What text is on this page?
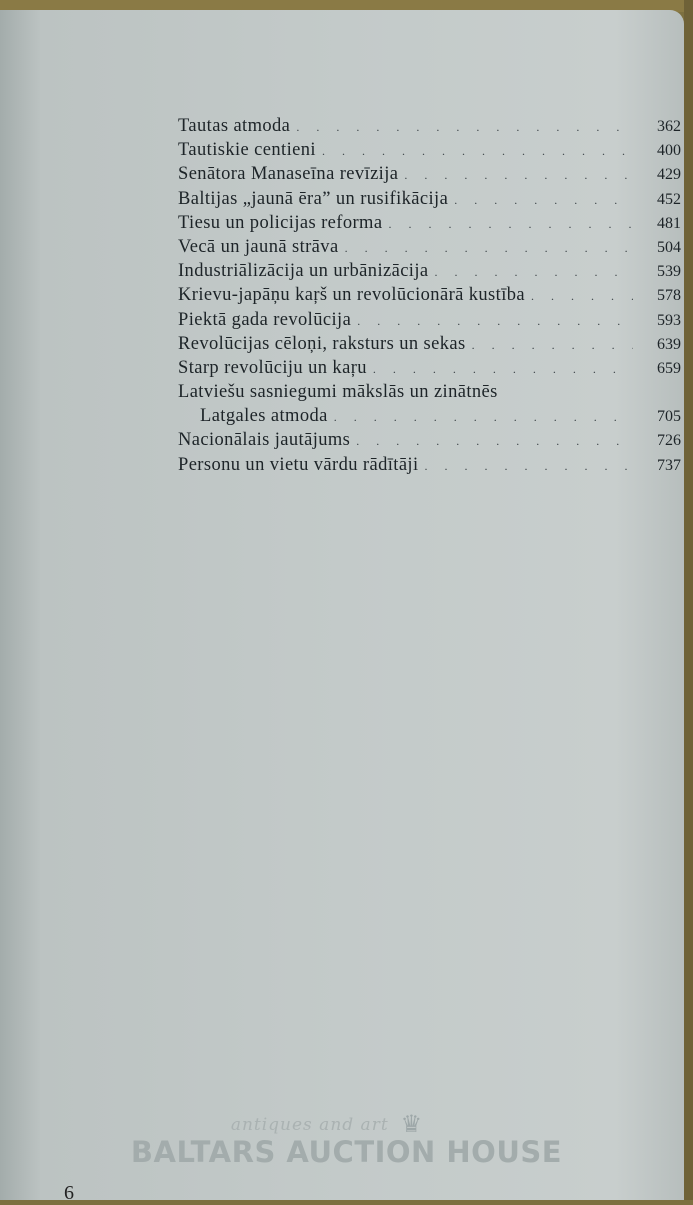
Tautas atmoda . . .	362
Tautiskie centieni . . .	400
Senātora Manaseīna revīzija . . .	429
Baltijas „jaunā ēra” un rusifikācija . . .	452
Tiesu un policijas reforma . . .	481
Vecā un jaunā strāva . . .	504
Industriālizācija un urbānizācija . . .	539
Krievu-japāņu kaŗš un revolūcionārā kustība . . .	578
Piektā gada revolūcija . . .	593
Revolūcijas cēloņi, raksturs un sekas . . .	639
Starp revolūciju un kaŗu . . .	659
Latviešu sasniegumi mākslās un zinātnēs
Latgales atmoda . . .	705
Nacionālais jautājums . . .	726
Personu un vietu vārdu rādītāji . . .	737
antiques and art ♛
BALTARS AUCTION HOUSE
6
